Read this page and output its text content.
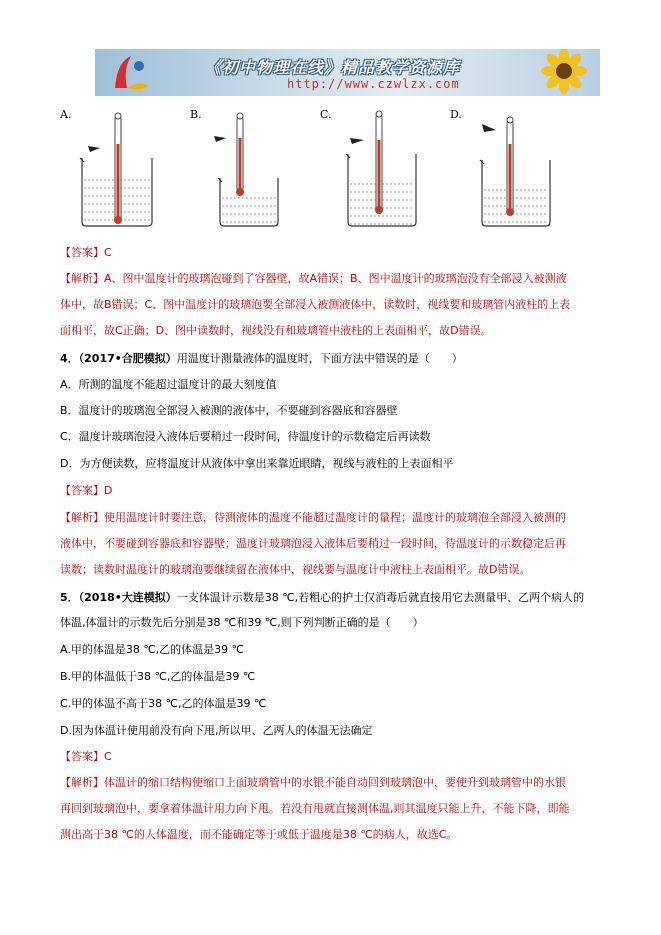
《初中物理在线》精品教学资源库
http://www.czwlzx.com
A.	B.	C.	D.
【答案】C
【解析】A、图中温度计的玻璃泡碰到了容器壁，故A错误；B、图中温度计的玻璃泡没有全部浸入被测液
体中，故B错误；C、图中温度计的玻璃泡要全部浸入被测液体中，读数时，视线要和玻璃管内液柱的上表
面相平，故C正确；D、图中读数时，视线没有和玻璃管中液柱的上表面相平，故D错误。
4．（2017•合肥模拟）用温度计测量液体的温度时，下面方法中错误的是（　　）
A．所测的温度不能超过温度计的最大刻度值
B．温度计的玻璃泡全部浸入被测的液体中，不要碰到容器底和容器壁
C．温度计玻璃泡浸入液体后要稍过一段时间，待温度计的示数稳定后再读数
D．为方便读数，应将温度计从液体中拿出来靠近眼睛，视线与液柱的上表面相平
【答案】D
【解析】使用温度计时要注意，待测液体的温度不能超过温度计的量程；温度计的玻璃泡全部浸入被测的
液体中，不要碰到容器底和容器壁；温度计玻璃泡浸入液体后要稍过一段时间，待温度计的示数稳定后再
读数；读数时温度计的玻璃泡要继续留在液体中，视线要与温度计中液柱上表面相平。故D错误。
5．（2018•大连模拟）一支体温计示数是38 ℃,若粗心的护士仅消毒后就直接用它去测量甲、乙两个病人的
体温,体温计的示数先后分别是38 ℃和39 ℃,则下列判断正确的是（　　）
A.甲的体温是38 ℃,乙的体温是39 ℃
B.甲的体温低于38 ℃,乙的体温是39 ℃
C.甲的体温不高于38 ℃,乙的体温是39 ℃
D.因为体温计使用前没有向下甩,所以甲、乙两人的体温无法确定
【答案】C
【解析】体温计的缩口结构使缩口上面玻璃管中的水银不能自动回到玻璃泡中，要使升到玻璃管中的水银
再回到玻璃泡中，要拿着体温计用力向下甩。若没有甩就直接测体温,则其温度只能上升，不能下降，即能
测出高于38 ℃的人体温度，而不能确定等于或低于温度是38 ℃的病人，故选C。
